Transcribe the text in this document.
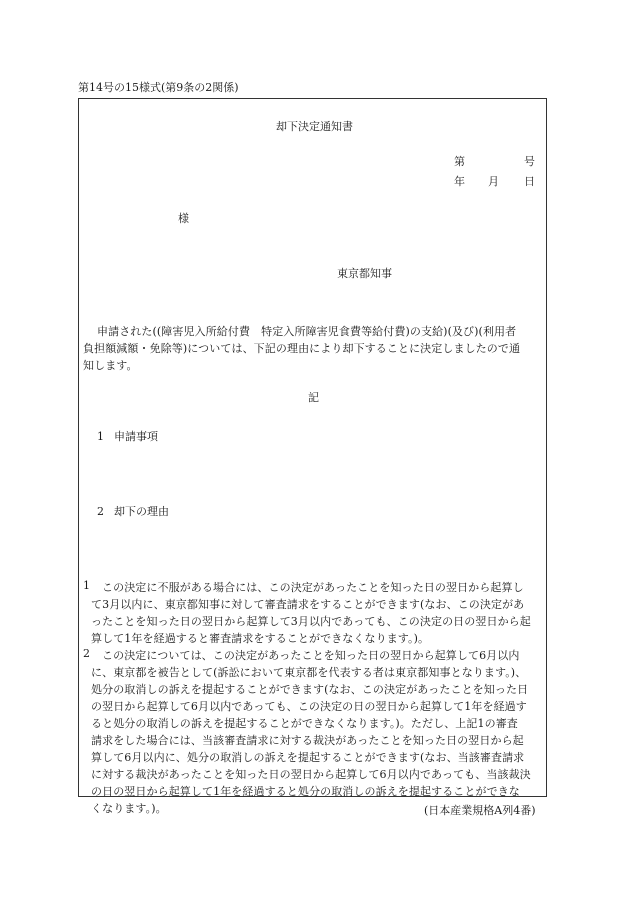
第14号の15様式(第9条の2関係)
却下決定通知書
第	号
年 月 日
様
東京都知事
申請された((障害児入所給付費　特定入所障害児食費等給付費)の支給)(及び)(利用者
負担額減額・免除等)については、下記の理由により却下することに決定しましたので通
知します。
記
1 申請事項
2 却下の理由
1 この決定に不服がある場合には、この決定があったことを知った日の翌日から起算し
て3月以内に、東京都知事に対して審査請求をすることができます(なお、この決定があ
ったことを知った日の翌日から起算して3月以内であっても、この決定の日の翌日から起
算して1年を経過すると審査請求をすることができなくなります。)。
2 この決定については、この決定があったことを知った日の翌日から起算して6月以内
に、東京都を被告として(訴訟において東京都を代表する者は東京都知事となります。)、
処分の取消しの訴えを提起することができます(なお、この決定があったことを知った日
の翌日から起算して6月以内であっても、この決定の日の翌日から起算して1年を経過す
ると処分の取消しの訴えを提起することができなくなります。)。ただし、上記1の審査
請求をした場合には、当該審査請求に対する裁決があったことを知った日の翌日から起
算して6月以内に、処分の取消しの訴えを提起することができます(なお、当該審査請求
に対する裁決があったことを知った日の翌日から起算して6月以内であっても、当該裁決
の日の翌日から起算して1年を経過すると処分の取消しの訴えを提起することができな
くなります。)。	(日本産業規格A列4番)
